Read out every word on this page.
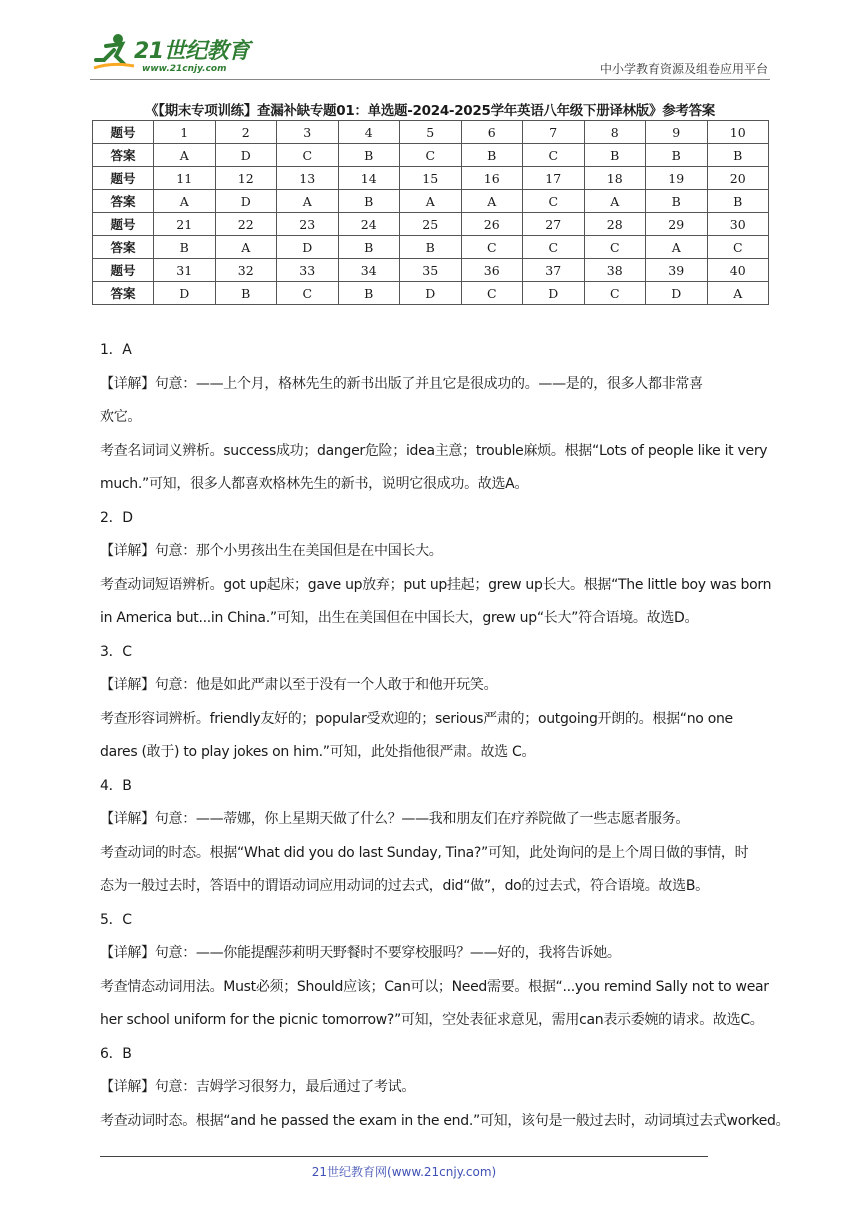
21世纪教育
www.21cnjy.com	中小学教育资源及组卷应用平台
《【期末专项训练】查漏补缺专题01：单选题-2024-2025学年英语八年级下册译林版》参考答案
题号	1	2	3	4	5	6	7	8	9	10
答案	A	D	C	B	C	B	C	B	B	B
题号	11	12	13	14	15	16	17	18	19	20
答案	A	D	A	B	A	A	C	A	B	B
题号	21	22	23	24	25	26	27	28	29	30
答案	B	A	D	B	B	C	C	C	A	C
题号	31	32	33	34	35	36	37	38	39	40
答案	D	B	C	B	D	C	D	C	D	A
1．A
【详解】句意：——上个月，格林先生的新书出版了并且它是很成功的。——是的，很多人都非常喜
欢它。
考查名词词义辨析。success成功；danger危险；idea主意；trouble麻烦。根据“Lots of people like it very
much.”可知，很多人都喜欢格林先生的新书，说明它很成功。故选A。
2．D
【详解】句意：那个小男孩出生在美国但是在中国长大。
考查动词短语辨析。got up起床；gave up放弃；put up挂起；grew up长大。根据“The little boy was born
in America but...in China.”可知，出生在美国但在中国长大，grew up“长大”符合语境。故选D。
3．C
【详解】句意：他是如此严肃以至于没有一个人敢于和他开玩笑。
考查形容词辨析。friendly友好的；popular受欢迎的；serious严肃的；outgoing开朗的。根据“no one
dares (敢于) to play jokes on him.”可知，此处指他很严肃。故选 C。
4．B
【详解】句意：——蒂娜，你上星期天做了什么？——我和朋友们在疗养院做了一些志愿者服务。
考查动词的时态。根据“What did you do last Sunday, Tina?”可知，此处询问的是上个周日做的事情，时
态为一般过去时，答语中的谓语动词应用动词的过去式，did“做”，do的过去式，符合语境。故选B。
5．C
【详解】句意：——你能提醒莎莉明天野餐时不要穿校服吗？——好的，我将告诉她。
考查情态动词用法。Must必须；Should应该；Can可以；Need需要。根据“...you remind Sally not to wear
her school uniform for the picnic tomorrow?”可知，空处表征求意见，需用can表示委婉的请求。故选C。
6．B
【详解】句意：吉姆学习很努力，最后通过了考试。
考查动词时态。根据“and he passed the exam in the end.”可知，该句是一般过去时，动词填过去式worked。
21世纪教育网(www.21cnjy.com)
